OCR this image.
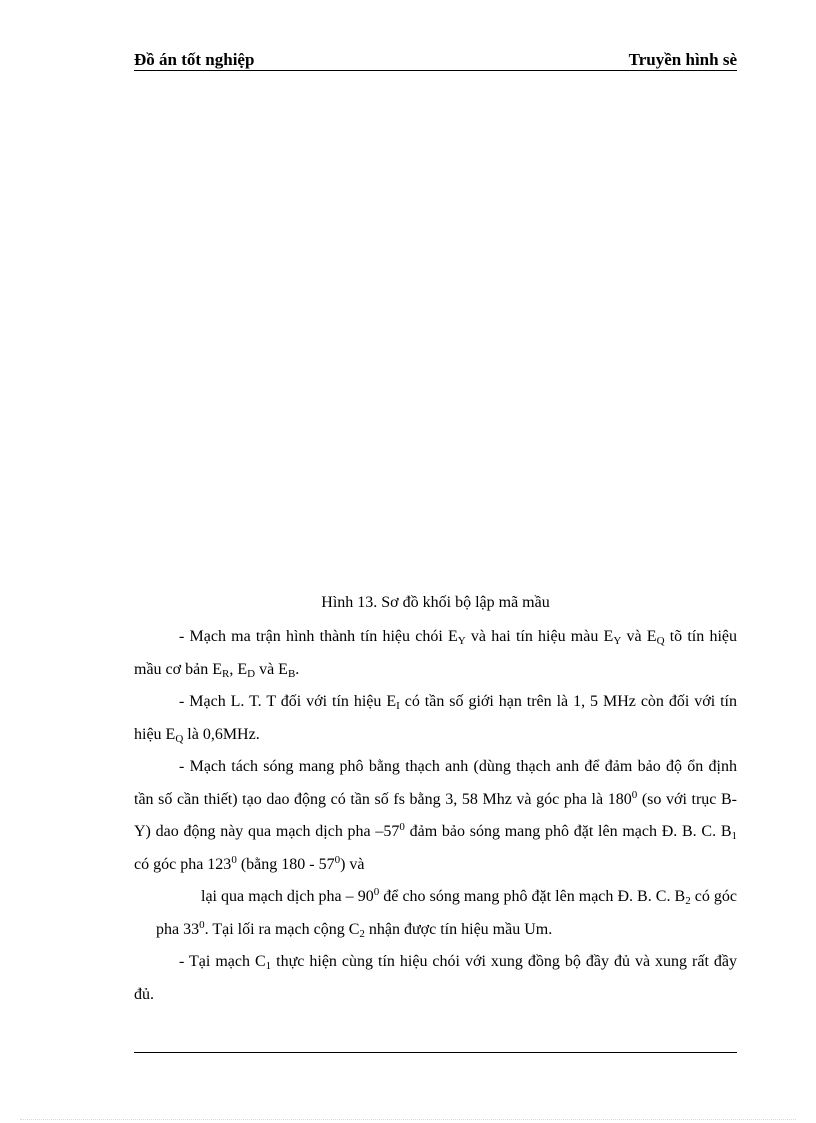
Đồ án tốt nghiệp	Truyền hình sè
Hình 13. Sơ đồ khối bộ lập mã mầu

- Mạch ma trận hình thành tín hiệu chói $E_Y$ và hai tín hiệu màu $E_Y$ và $E_Q$ tõ tín hiệu mầu cơ bản $E_R$, $E_D$ và $E_B$.

- Mạch L. T. T đối với tín hiệu $E_I$ có tần số giới hạn trên là 1, 5 MHz còn đối với tín hiệu $E_Q$ là 0,6MHz.

- Mạch tách sóng mang phô bằng thạch anh (dùng thạch anh để đảm bảo độ ổn định tần số cần thiết) tạo dao động có tần số fs bằng 3, 58 Mhz và góc pha là $180^0$ (so với trục B-Y) dao động này qua mạch dịch pha $-57^0$ đảm bảo sóng mang phô đặt lên mạch Đ. B. C. $B_1$ có góc pha $123^0$ (bằng $180 - 57^0$) và

lại qua mạch dịch pha – $90^0$ để cho sóng mang phô đặt lên mạch Đ. B. C. $B_2$ có góc pha $33^0$. Tại lối ra mạch cộng $C_2$ nhận được tín hiệu mầu Um.

- Tại mạch $C_1$ thực hiện cùng tín hiệu chói với xung đồng bộ đầy đủ và xung rất đầy đủ.
